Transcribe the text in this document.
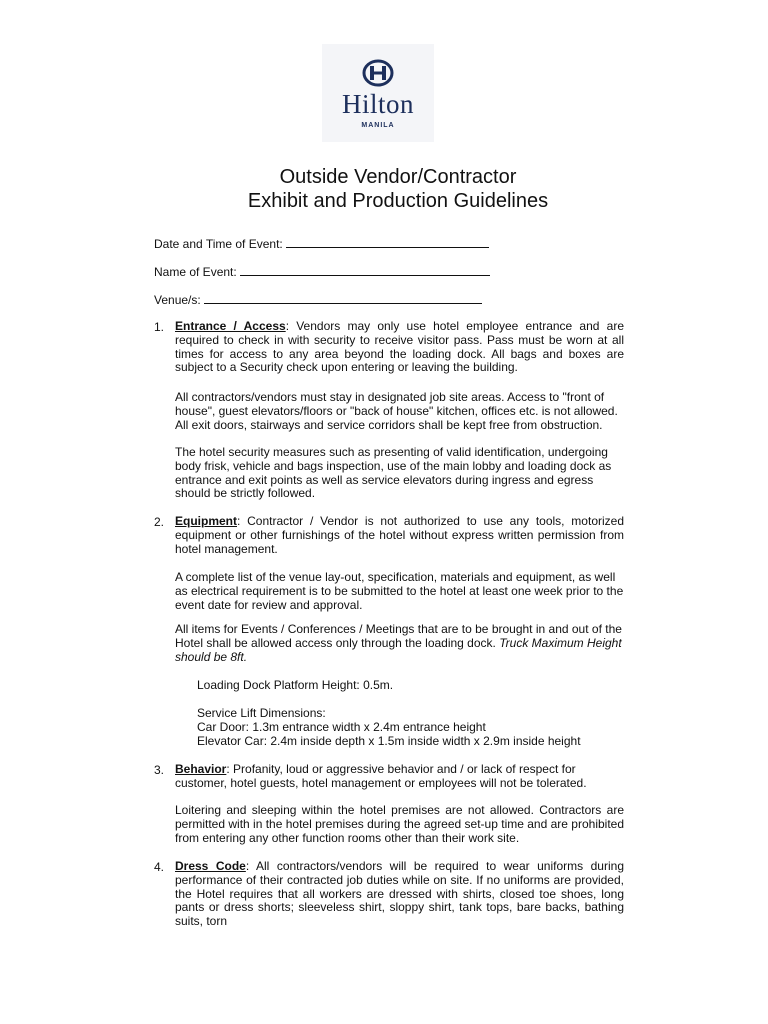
Hilton
MANILA
Outside Vendor/Contractor
Exhibit and Production Guidelines
Date and Time of Event:
Name of Event:
Venue/s:
1. Entrance / Access: Vendors may only use hotel employee entrance and are required to check in with security to receive visitor pass. Pass must be worn at all times for access to any area beyond the loading dock. All bags and boxes are subject to a Security check upon entering or leaving the building.
All contractors/vendors must stay in designated job site areas. Access to "front of house", guest elevators/floors or "back of house" kitchen, offices etc. is not allowed. All exit doors, stairways and service corridors shall be kept free from obstruction.
The hotel security measures such as presenting of valid identification, undergoing body frisk, vehicle and bags inspection, use of the main lobby and loading dock as entrance and exit points as well as service elevators during ingress and egress should be strictly followed.
2. Equipment: Contractor / Vendor is not authorized to use any tools, motorized equipment or other furnishings of the hotel without express written permission from hotel management.
A complete list of the venue lay-out, specification, materials and equipment, as well as electrical requirement is to be submitted to the hotel at least one week prior to the event date for review and approval.
All items for Events / Conferences / Meetings that are to be brought in and out of the Hotel shall be allowed access only through the loading dock. Truck Maximum Height should be 8ft.
Loading Dock Platform Height: 0.5m.
Service Lift Dimensions:
Car Door: 1.3m entrance width x 2.4m entrance height
Elevator Car: 2.4m inside depth x 1.5m inside width x 2.9m inside height
3. Behavior: Profanity, loud or aggressive behavior and / or lack of respect for customer, hotel guests, hotel management or employees will not be tolerated.
Loitering and sleeping within the hotel premises are not allowed. Contractors are permitted with in the hotel premises during the agreed set-up time and are prohibited from entering any other function rooms other than their work site.
4. Dress Code: All contractors/vendors will be required to wear uniforms during performance of their contracted job duties while on site. If no uniforms are provided, the Hotel requires that all workers are dressed with shirts, closed toe shoes, long pants or dress shorts; sleeveless shirt, sloppy shirt, tank tops, bare backs, bathing suits, torn
